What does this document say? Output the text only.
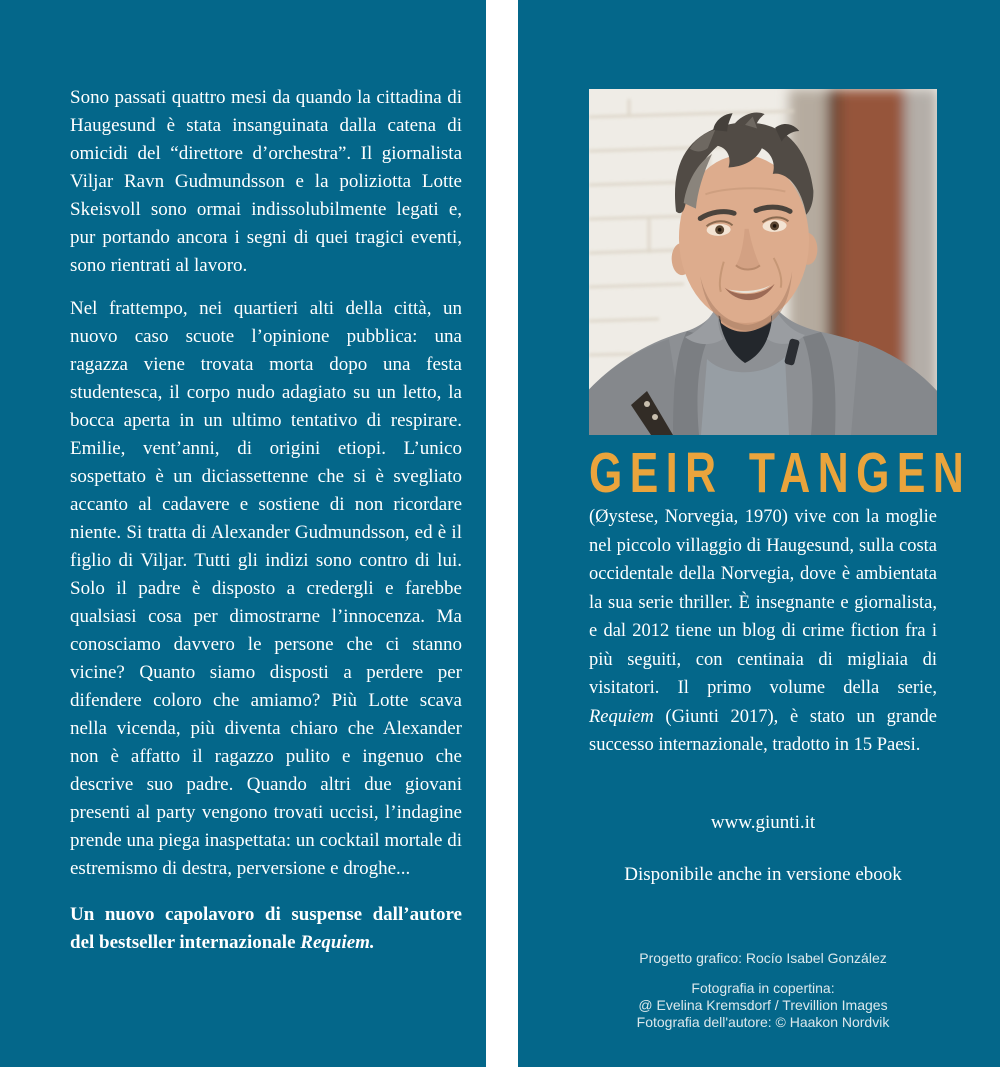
Sono passati quattro mesi da quando la cittadina di Haugesund è stata insanguinata dalla catena di omicidi del “direttore d’orchestra”. Il giornalista Viljar Ravn Gudmundsson e la poliziotta Lotte Skeisvoll sono ormai indissolubilmente legati e, pur portando ancora i segni di quei tragici eventi, sono rientrati al lavoro.

Nel frattempo, nei quartieri alti della città, un nuovo caso scuote l’opinione pubblica: una ragazza viene trovata morta dopo una festa studentesca, il corpo nudo adagiato su un letto, la bocca aperta in un ultimo tentativo di respirare. Emilie, vent’anni, di origini etiopi. L’unico sospettato è un diciassettenne che si è svegliato accanto al cadavere e sostiene di non ricordare niente. Si tratta di Alexander Gudmundsson, ed è il figlio di Viljar. Tutti gli indizi sono contro di lui. Solo il padre è disposto a credergli e farebbe qualsiasi cosa per dimostrarne l’innocenza. Ma conosciamo davvero le persone che ci stanno vicine? Quanto siamo disposti a perdere per difendere coloro che amiamo? Più Lotte scava nella vicenda, più diventa chiaro che Alexander non è affatto il ragazzo pulito e ingenuo che descrive suo padre. Quando altri due giovani presenti al party vengono trovati uccisi, l’indagine prende una piega inaspettata: un cocktail mortale di estremismo di destra, perversione e droghe...

Un nuovo capolavoro di suspense dall’autore del bestseller internazionale Requiem.

GEIR TANGEN
(Øystese, Norvegia, 1970) vive con la moglie nel piccolo villaggio di Haugesund, sulla costa occidentale della Norvegia, dove è ambientata la sua serie thriller. È insegnante e giornalista, e dal 2012 tiene un blog di crime fiction fra i più seguiti, con centinaia di migliaia di visitatori. Il primo volume della serie, Requiem (Giunti 2017), è stato un grande successo internazionale, tradotto in 15 Paesi.
www.giunti.it
Disponibile anche in versione ebook
Progetto grafico: Rocío Isabel González
Fotografia in copertina:
@ Evelina Kremsdorf / Trevillion Images
Fotografia dell'autore: © Haakon Nordvik
